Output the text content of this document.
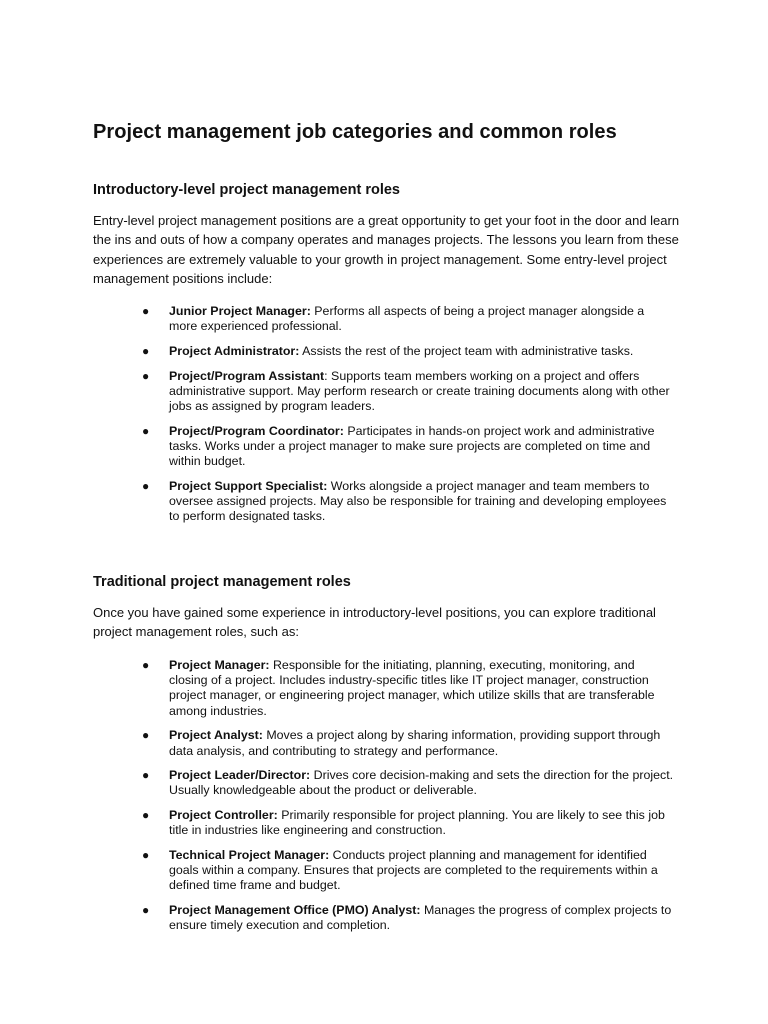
Project management job categories and common roles
Introductory-level project management roles

Entry-level project management positions are a great opportunity to get your foot in the door and learn the ins and outs of how a company operates and manages projects. The lessons you learn from these experiences are extremely valuable to your growth in project management. Some entry-level project management positions include:

● Junior Project Manager: Performs all aspects of being a project manager alongside a more experienced professional.
● Project Administrator: Assists the rest of the project team with administrative tasks.
● Project/Program Assistant: Supports team members working on a project and offers administrative support. May perform research or create training documents along with other jobs as assigned by program leaders.
● Project/Program Coordinator: Participates in hands-on project work and administrative tasks. Works under a project manager to make sure projects are completed on time and within budget.
● Project Support Specialist: Works alongside a project manager and team members to oversee assigned projects. May also be responsible for training and developing employees to perform designated tasks.
Traditional project management roles

Once you have gained some experience in introductory-level positions, you can explore traditional project management roles, such as:

● Project Manager: Responsible for the initiating, planning, executing, monitoring, and closing of a project. Includes industry-specific titles like IT project manager, construction project manager, or engineering project manager, which utilize skills that are transferable among industries.
● Project Analyst: Moves a project along by sharing information, providing support through data analysis, and contributing to strategy and performance.
● Project Leader/Director: Drives core decision-making and sets the direction for the project. Usually knowledgeable about the product or deliverable.
● Project Controller: Primarily responsible for project planning. You are likely to see this job title in industries like engineering and construction.
● Technical Project Manager: Conducts project planning and management for identified goals within a company. Ensures that projects are completed to the requirements within a defined time frame and budget.
● Project Management Office (PMO) Analyst: Manages the progress of complex projects to ensure timely execution and completion.
